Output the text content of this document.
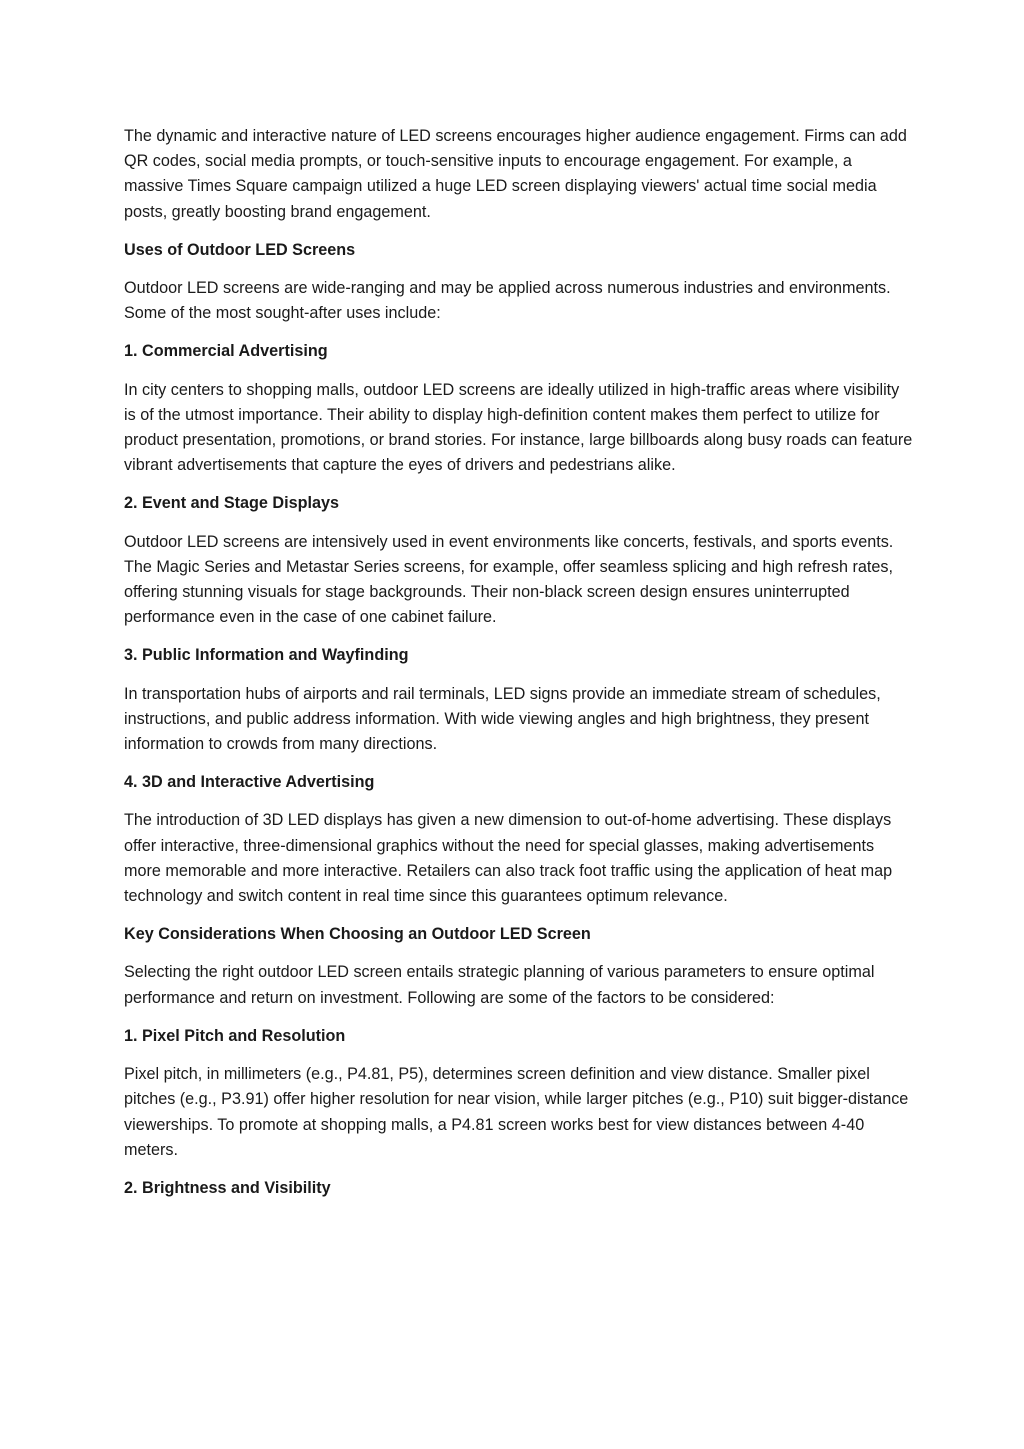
The dynamic and interactive nature of LED screens encourages higher audience engagement. Firms can add QR codes, social media prompts, or touch-sensitive inputs to encourage engagement. For example, a massive Times Square campaign utilized a huge LED screen displaying viewers' actual time social media posts, greatly boosting brand engagement.

Uses of Outdoor LED Screens

Outdoor LED screens are wide-ranging and may be applied across numerous industries and environments. Some of the most sought-after uses include:

1. Commercial Advertising

In city centers to shopping malls, outdoor LED screens are ideally utilized in high-traffic areas where visibility is of the utmost importance. Their ability to display high-definition content makes them perfect to utilize for product presentation, promotions, or brand stories. For instance, large billboards along busy roads can feature vibrant advertisements that capture the eyes of drivers and pedestrians alike.

2. Event and Stage Displays

Outdoor LED screens are intensively used in event environments like concerts, festivals, and sports events. The Magic Series and Metastar Series screens, for example, offer seamless splicing and high refresh rates, offering stunning visuals for stage backgrounds. Their non-black screen design ensures uninterrupted performance even in the case of one cabinet failure.

3. Public Information and Wayfinding

In transportation hubs of airports and rail terminals, LED signs provide an immediate stream of schedules, instructions, and public address information. With wide viewing angles and high brightness, they present information to crowds from many directions.

4. 3D and Interactive Advertising

The introduction of 3D LED displays has given a new dimension to out-of-home advertising. These displays offer interactive, three-dimensional graphics without the need for special glasses, making advertisements more memorable and more interactive. Retailers can also track foot traffic using the application of heat map technology and switch content in real time since this guarantees optimum relevance.

Key Considerations When Choosing an Outdoor LED Screen

Selecting the right outdoor LED screen entails strategic planning of various parameters to ensure optimal performance and return on investment. Following are some of the factors to be considered:

1. Pixel Pitch and Resolution

Pixel pitch, in millimeters (e.g., P4.81, P5), determines screen definition and view distance. Smaller pixel pitches (e.g., P3.91) offer higher resolution for near vision, while larger pitches (e.g., P10) suit bigger-distance viewerships. To promote at shopping malls, a P4.81 screen works best for view distances between 4-40 meters.

2. Brightness and Visibility
